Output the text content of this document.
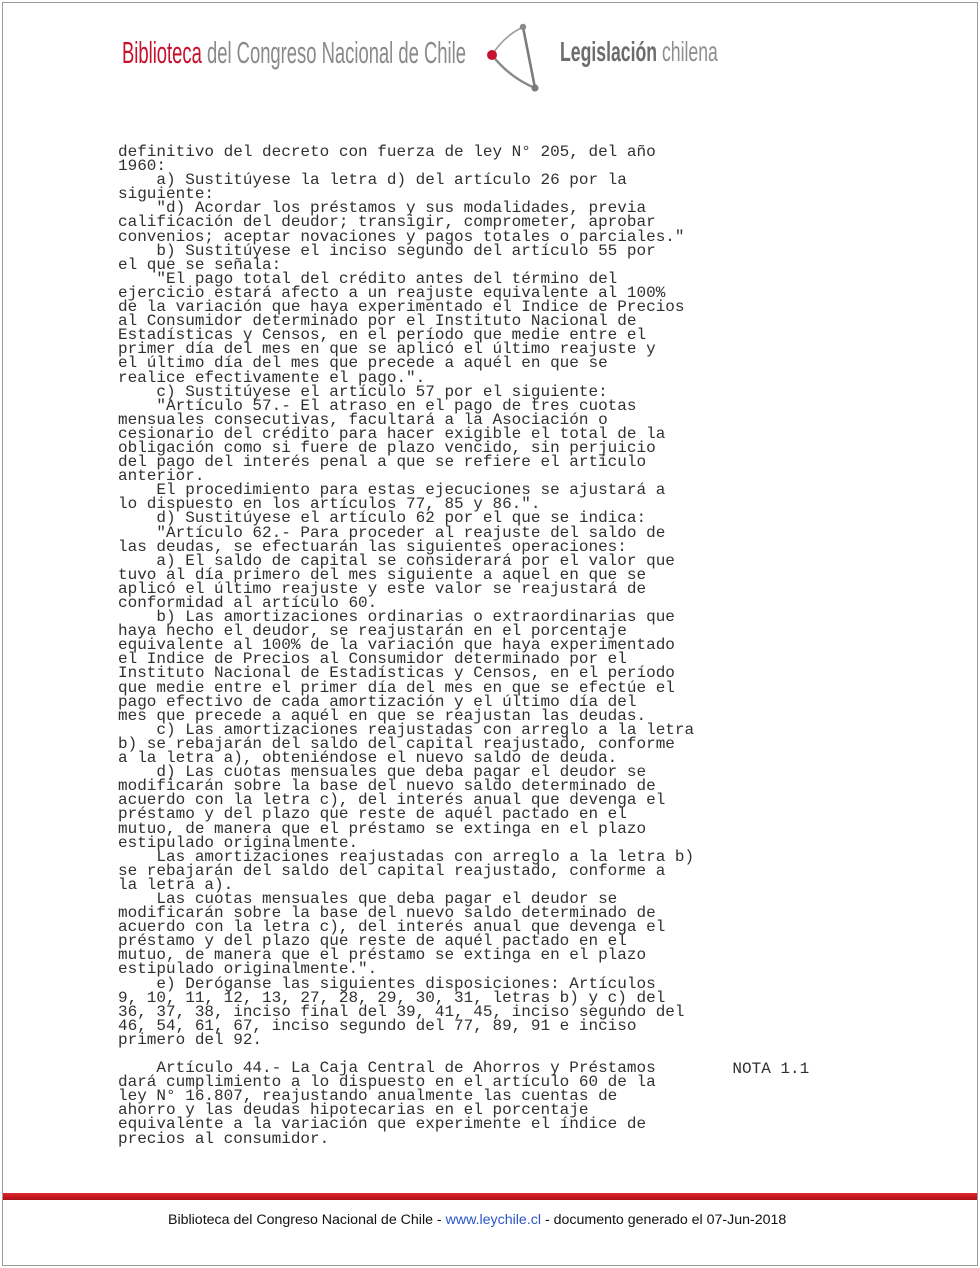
Biblioteca del Congreso Nacional de Chile	Legislación chilena
definitivo del decreto con fuerza de ley N° 205, del año
1960:
a) Sustitúyese la letra d) del artículo 26 por la
siguiente:
"d) Acordar los préstamos y sus modalidades, previa
calificación del deudor; transigir, comprometer, aprobar
convenios; aceptar novaciones y pagos totales o parciales."
b) Sustitúyese el inciso segundo del artículo 55 por
el que se señala:
"El pago total del crédito antes del término del
ejercicio estará afecto a un reajuste equivalente al 100%
de la variación que haya experimentado el Indice de Precios
al Consumidor determinado por el Instituto Nacional de
Estadísticas y Censos, en el período que medie entre el
primer día del mes en que se aplicó el último reajuste y
el último día del mes que precede a aquél en que se
realice efectivamente el pago.".
c) Sustitúyese el artículo 57 por el siguiente:
"Artículo 57.- El atraso en el pago de tres cuotas
mensuales consecutivas, facultará a la Asociación o
cesionario del crédito para hacer exigible el total de la
obligación como si fuere de plazo vencido, sin perjuicio
del pago del interés penal a que se refiere el artículo
anterior.
El procedimiento para estas ejecuciones se ajustará a
lo dispuesto en los artículos 77, 85 y 86.".
d) Sustitúyese el artículo 62 por el que se indica:
"Artículo 62.- Para proceder al reajuste del saldo de
las deudas, se efectuarán las siguientes operaciones:
a) El saldo de capital se considerará por el valor que
tuvo al día primero del mes siguiente a aquel en que se
aplicó el último reajuste y este valor se reajustará de
conformidad al artículo 60.
b) Las amortizaciones ordinarias o extraordinarias que
haya hecho el deudor, se reajustarán en el porcentaje
equivalente al 100% de la variación que haya experimentado
el Indice de Precios al Consumidor determinado por el
Instituto Nacional de Estadísticas y Censos, en el período
que medie entre el primer día del mes en que se efectúe el
pago efectivo de cada amortización y el último día del
mes que precede a aquél en que se reajustan las deudas.
c) Las amortizaciones reajustadas con arreglo a la letra
b) se rebajarán del saldo del capital reajustado, conforme
a la letra a), obteniéndose el nuevo saldo de deuda.
d) Las cuotas mensuales que deba pagar el deudor se
modificarán sobre la base del nuevo saldo determinado de
acuerdo con la letra c), del interés anual que devenga el
préstamo y del plazo que reste de aquél pactado en el
mutuo, de manera que el préstamo se extinga en el plazo
estipulado originalmente.
Las amortizaciones reajustadas con arreglo a la letra b)
se rebajarán del saldo del capital reajustado, conforme a
la letra a).
Las cuotas mensuales que deba pagar el deudor se
modificarán sobre la base del nuevo saldo determinado de
acuerdo con la letra c), del interés anual que devenga el
préstamo y del plazo que reste de aquél pactado en el
mutuo, de manera que el préstamo se extinga en el plazo
estipulado originalmente.".
e) Deróganse las siguientes disposiciones: Artículos
9, 10, 11, 12, 13, 27, 28, 29, 30, 31, letras b) y c) del
36, 37, 38, inciso final del 39, 41, 45, inciso segundo del
46, 54, 61, 67, inciso segundo del 77, 89, 91 e inciso
primero del 92.
Artículo 44.- La Caja Central de Ahorros y Préstamos
dará cumplimiento a lo dispuesto en el artículo 60 de la
ley N° 16.807, reajustando anualmente las cuentas de
ahorro y las deudas hipotecarias en el porcentaje
equivalente a la variación que experimente el índice de
precios al consumidor.
NOTA 1.1
Biblioteca del Congreso Nacional de Chile - www.leychile.cl - documento generado el 07-Jun-2018
